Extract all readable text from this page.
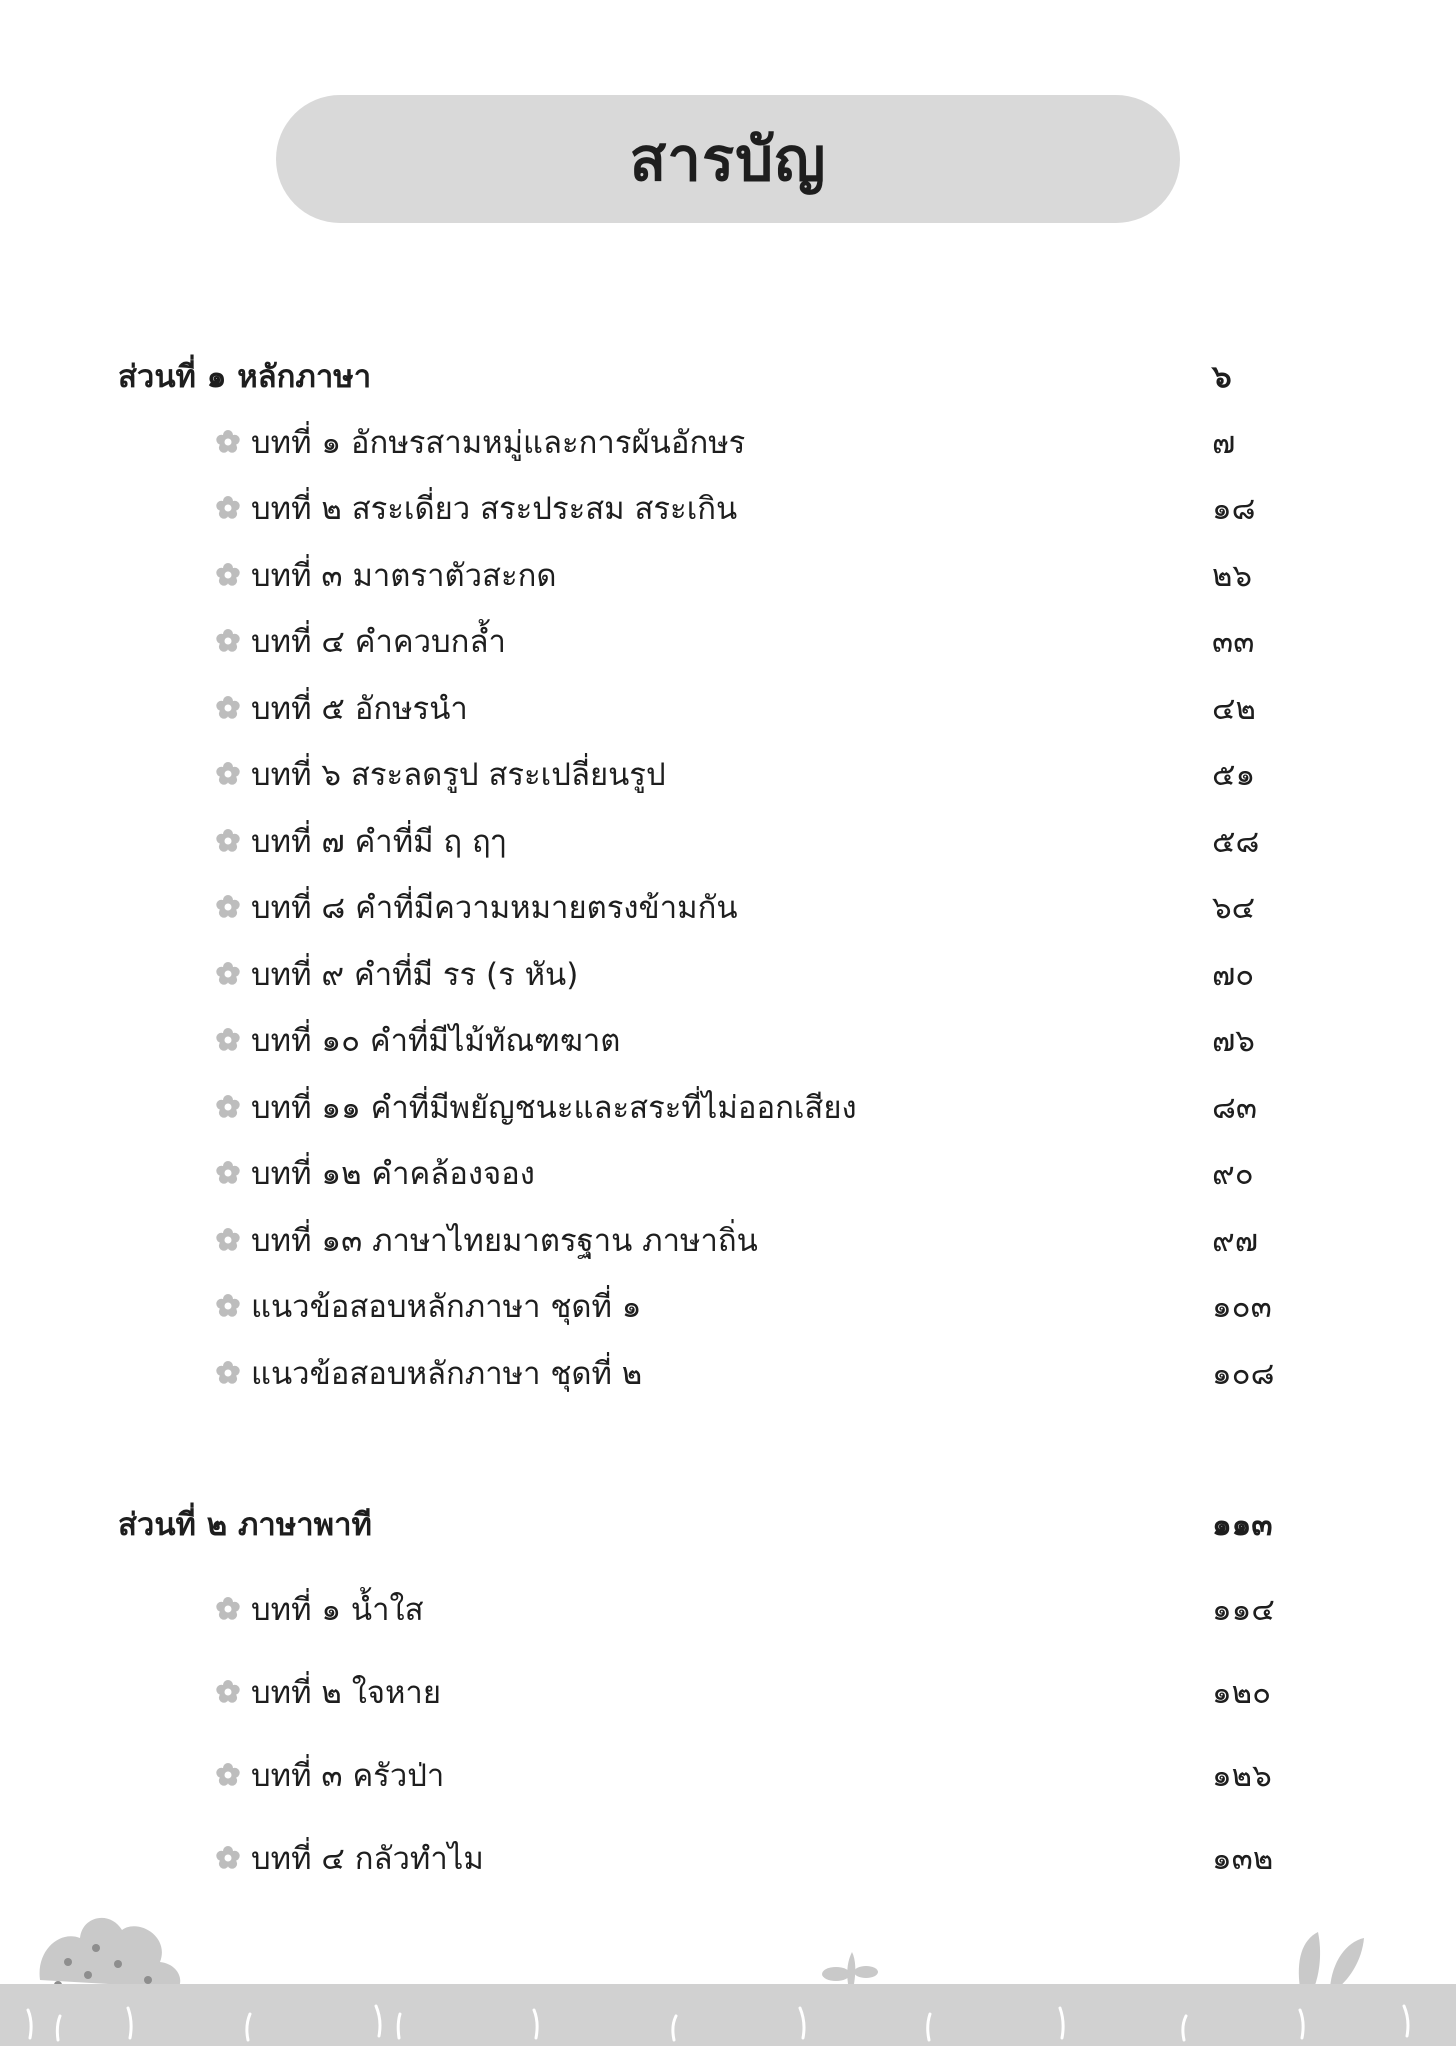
สารบัญ
ส่วนที่ ๑ หลักภาษา	๖
บทที่ ๑ อักษรสามหมู่และการผันอักษร	๗
บทที่ ๒ สระเดี่ยว สระประสม สระเกิน	๑๘
บทที่ ๓ มาตราตัวสะกด	๒๖
บทที่ ๔ คำควบกล้ำ	๓๓
บทที่ ๕ อักษรนำ	๔๒
บทที่ ๖ สระลดรูป สระเปลี่ยนรูป	๕๑
บทที่ ๗ คำที่มี ฤ ฤๅ	๕๘
บทที่ ๘ คำที่มีความหมายตรงข้ามกัน	๖๔
บทที่ ๙ คำที่มี รร (ร หัน)	๗๐
บทที่ ๑๐ คำที่มีไม้ทัณฑฆาต	๗๖
บทที่ ๑๑ คำที่มีพยัญชนะและสระที่ไม่ออกเสียง	๘๓
บทที่ ๑๒ คำคล้องจอง	๙๐
บทที่ ๑๓ ภาษาไทยมาตรฐาน ภาษาถิ่น	๙๗
แนวข้อสอบหลักภาษา ชุดที่ ๑	๑๐๓
แนวข้อสอบหลักภาษา ชุดที่ ๒	๑๐๘
ส่วนที่ ๒ ภาษาพาที	๑๑๓
บทที่ ๑ น้ำใส	๑๑๔
บทที่ ๒ ใจหาย	๑๒๐
บทที่ ๓ ครัวป่า	๑๒๖
บทที่ ๔ กลัวทำไม	๑๓๒
